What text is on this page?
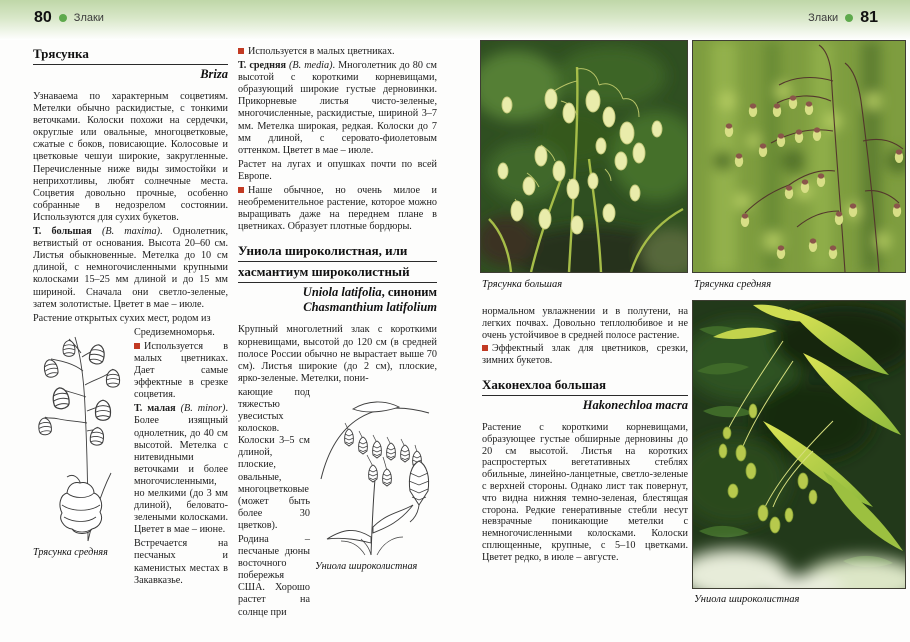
80 Злаки	Злаки 81
Трясунка
Briza

Узнаваема по характерным соцветиям. Метелки обычно раскидистые, с тонкими веточками. Колоски похожи на сердечки, округлые или овальные, многоцветковые, сжатые с боков, повисающие. Колосовые и цветковые чешуи широкие, закругленные. Перечисленные ниже виды зимостойки и неприхотливы, любят солнечные места. Соцветия довольно прочные, особенно собранные в недозрелом состоянии. Используются для сухих букетов.

Т. большая (B. maxima). Однолетник, ветвистый от основания. Высота 20–60 см. Листья обыкновенные. Метелка до 10 см длиной, с немногочисленными крупными колосками 15–25 мм длиной и до 15 мм шириной. Сначала они светло-зеленые, затем золотистые. Цветет в мае – июле.

Растение открытых сухих мест, родом из

Трясунка средняя

Средиземноморья.

Используется в малых цветниках. Дает самые эффектные в срезке соцветия.

Т. малая (B. minor). Более изящный однолетник, до 40 см высотой. Метелка с нитевидными веточками и более многочисленными, но мелкими (до 3 мм длиной), беловато-зелеными колосками. Цветет в мае – июне.

Встречается на песчаных и каменистых местах в Закавказье.

Используется в малых цветниках.

Т. средняя (B. media). Многолетник до 80 см высотой с короткими корневищами, образующий широкие густые дерновинки. Прикорневые листья чисто-зеленые, многочисленные, раскидистые, шириной 3–7 мм. Метелка широкая, редкая. Колоски до 7 мм длиной, с серовато-фиолетовым оттенком. Цветет в мае – июле.

Растет на лугах и опушках почти по всей Европе.

Наше обычное, но очень милое и необременительное растение, которое можно выращивать даже на переднем плане в цветниках. Образует плотные бордюры.

Униола широколистная, или
хасмантиум широколистный
Uniola latifolia, синоним
Chasmanthium latifolium

Крупный многолетний злак с короткими корневищами, высотой до 120 см (в средней полосе России обычно не вырастает выше 70 см). Листья широкие (до 2 см), плоские, ярко-зеленые. Метелки, пони-

кающие под тяжестью увесистых колосков. Колоски 3–5 см длиной, плоские, овальные, многоцветковые (может быть более 30 цветков).

Родина – песчаные дюны восточного побережья США. Хорошо растет на солнце при

Униола широколистная
Трясунка большая	Трясунка средняя
Униола широколистная

нормальном увлажнении и в полутени, на легких почвах. Довольно теплолюбивое и не очень устойчивое в средней полосе растение.

Эффектный злак для цветников, срезки, зимних букетов.

Хаконехлоа большая
Hakonechloa macra

Растение с короткими корневищами, образующее густые обширные дерновины до 20 см высотой. Листья на коротких распростертых вегетативных стеблях обильные, линейно-ланцетные, светло-зеленые с верхней стороны. Однако лист так повернут, что видна нижняя темно-зеленая, блестящая сторона. Редкие генеративные стебли несут невзрачные поникающие метелки с немногочисленными колосками. Колоски сплющенные, крупные, с 5–10 цветками. Цветет редко, в июле – августе.
